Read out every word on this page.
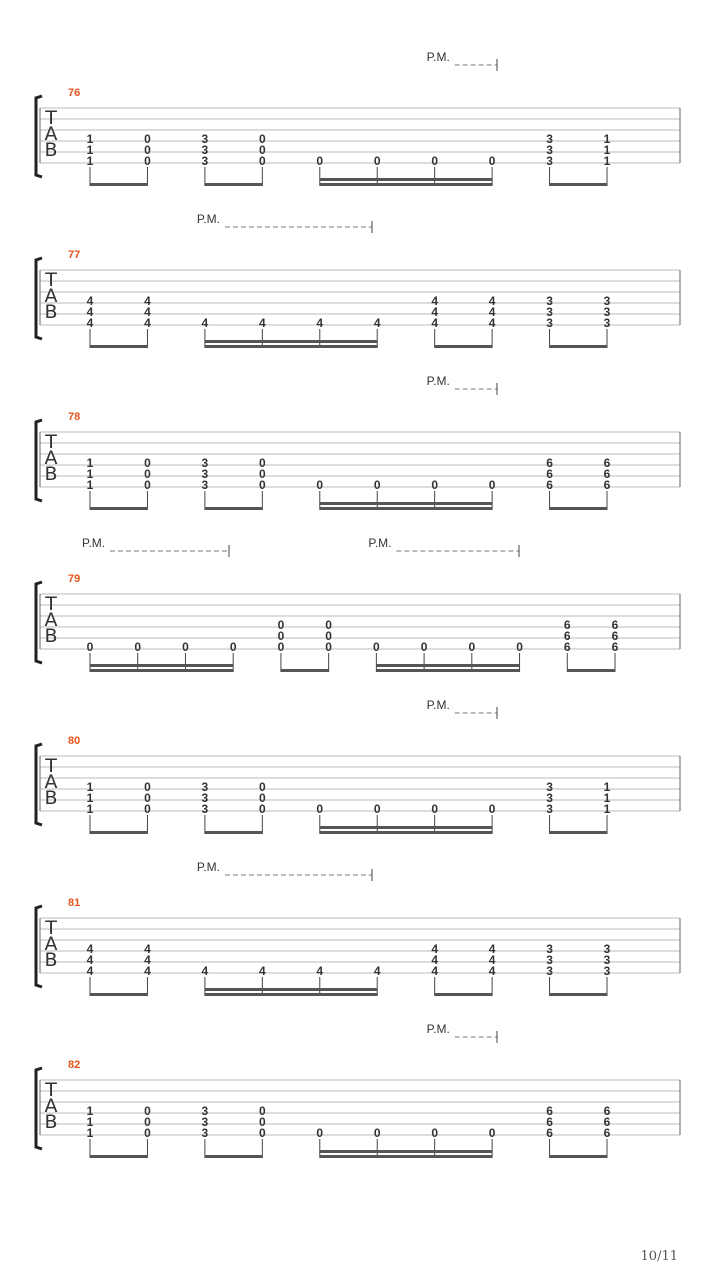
T
A
B
76
1
1
1
0
0
0
3
3
3
0
0
0	0	0	0	0
3
3
3
1
1
1
P.M.
T
A
B
77
4
4
4
4
4
4	4	4	4	4
4
4
4
4
4
4
3
3
3
3
3
3
P.M.
T
A
B
78
1
1
1
0
0
0
3
3
3
0
0
0	0	0	0	0
6
6
6
6
6
6
P.M.
T
A
B
79
0	0	0	0
0
0
0
0
0
0	0	0	0	0
6
6
6
6
6
6
P.M.	P.M.
T
A
B
80
1
1
1
0
0
0
3
3
3
0
0
0	0	0	0	0
3
3
3
1
1
1
P.M.
T
A
B
81
4
4
4
4
4
4	4	4	4	4
4
4
4
4
4
4
3
3
3
3
3
3
P.M.
T
A
B
82
1
1
1
0
0
0
3
3
3
0
0
0	0	0	0	0
6
6
6
6
6
6
P.M.
10/11
